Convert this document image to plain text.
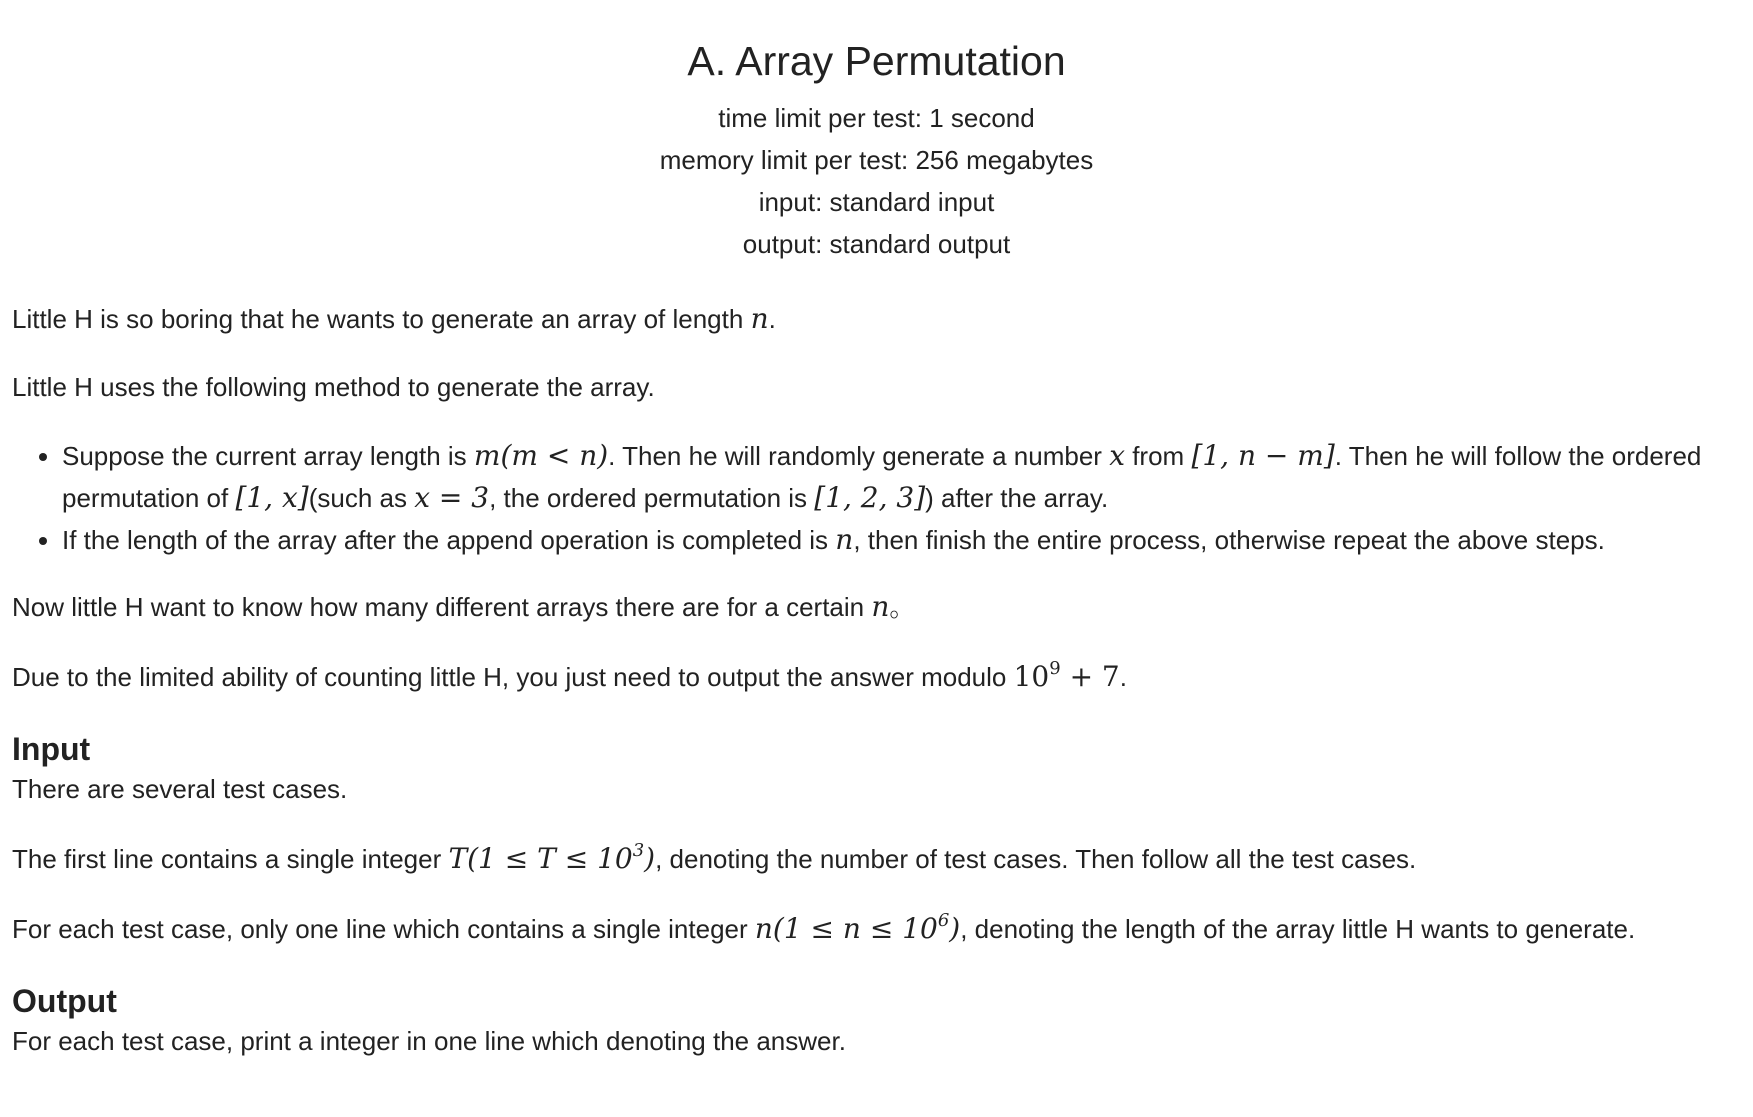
A. Array Permutation
time limit per test: 1 second
memory limit per test: 256 megabytes
input: standard input
output: standard output

Little H is so boring that he wants to generate an array of length n.

Little H uses the following method to generate the array.

• Suppose the current array length is m(m < n). Then he will randomly generate a number x from [1, n − m]. Then he will follow the ordered permutation of [1, x](such as x = 3, the ordered permutation is [1, 2, 3]) after the array.
• If the length of the array after the append operation is completed is n, then finish the entire process, otherwise repeat the above steps.

Now little H want to know how many different arrays there are for a certain n。

Due to the limited ability of counting little H, you just need to output the answer modulo $10^9 + 7$.

Input

There are several test cases.

The first line contains a single integer $T(1 \le T \le 10^3)$, denoting the number of test cases. Then follow all the test cases.

For each test case, only one line which contains a single integer $n(1 \le n \le 10^6)$, denoting the length of the array little H wants to generate.

Output

For each test case, print a integer in one line which denoting the answer.
